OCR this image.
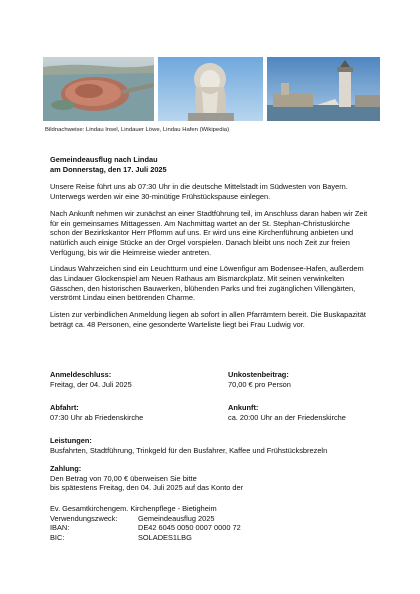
Bildnachweise: Lindau Insel, Lindauer Löwe, Lindau Hafen (Wikipedia)
Gemeindeausflug nach Lindau
am Donnerstag, den 17. Juli 2025

Unsere Reise führt uns ab 07:30 Uhr in die deutsche Mittelstadt im Südwesten von Bayern. Unterwegs werden wir eine 30-minütige Frühstückspause einlegen.

Nach Ankunft nehmen wir zunächst an einer Stadtführung teil, im Anschluss daran haben wir Zeit für ein gemeinsames Mittagessen. Am Nachmittag wartet an der St. Stephan-Christuskirche schon der Bezirkskantor Herr Pflomm auf uns. Er wird uns eine Kirchenführung anbieten und natürlich auch einige Stücke an der Orgel vorspielen. Danach bleibt uns noch Zeit zur freien Verfügung, bis wir die Heimreise wieder antreten.

Lindaus Wahrzeichen sind ein Leuchtturm und eine Löwenfigur am Bodensee-Hafen, außerdem das Lindauer Glockenspiel am Neuen Rathaus am Bismarckplatz. Mit seinen verwinkelten Gässchen, den historischen Bauwerken, blühenden Parks und frei zugänglichen Villengärten, verströmt Lindau einen betörenden Charme.

Listen zur verbindlichen Anmeldung liegen ab sofort in allen Pfarrämtern bereit. Die Buskapazität beträgt ca. 48 Personen, eine gesonderte Warteliste liegt bei Frau Ludwig vor.

Anmeldeschluss:
Freitag, der 04. Juli 2025
Unkostenbeitrag:
70,00 € pro Person
Abfahrt:
07:30 Uhr ab Friedenskirche
Ankunft:
ca. 20:00 Uhr an der Friedenskirche
Leistungen:
Busfahrten, Stadtführung, Trinkgeld für den Busfahrer, Kaffee und Frühstücksbrezeln
Zahlung:
Den Betrag von 70,00 € überweisen Sie bitte
bis spätestens Freitag, den 04. Juli 2025 auf das Konto der
Ev. Gesamtkirchengem. Kirchenpflege - Bietigheim
Verwendungszweck:	Gemeindeausflug 2025
IBAN:	DE42 6045 0050 0007 0000 72
BIC:	SOLADES1LBG
